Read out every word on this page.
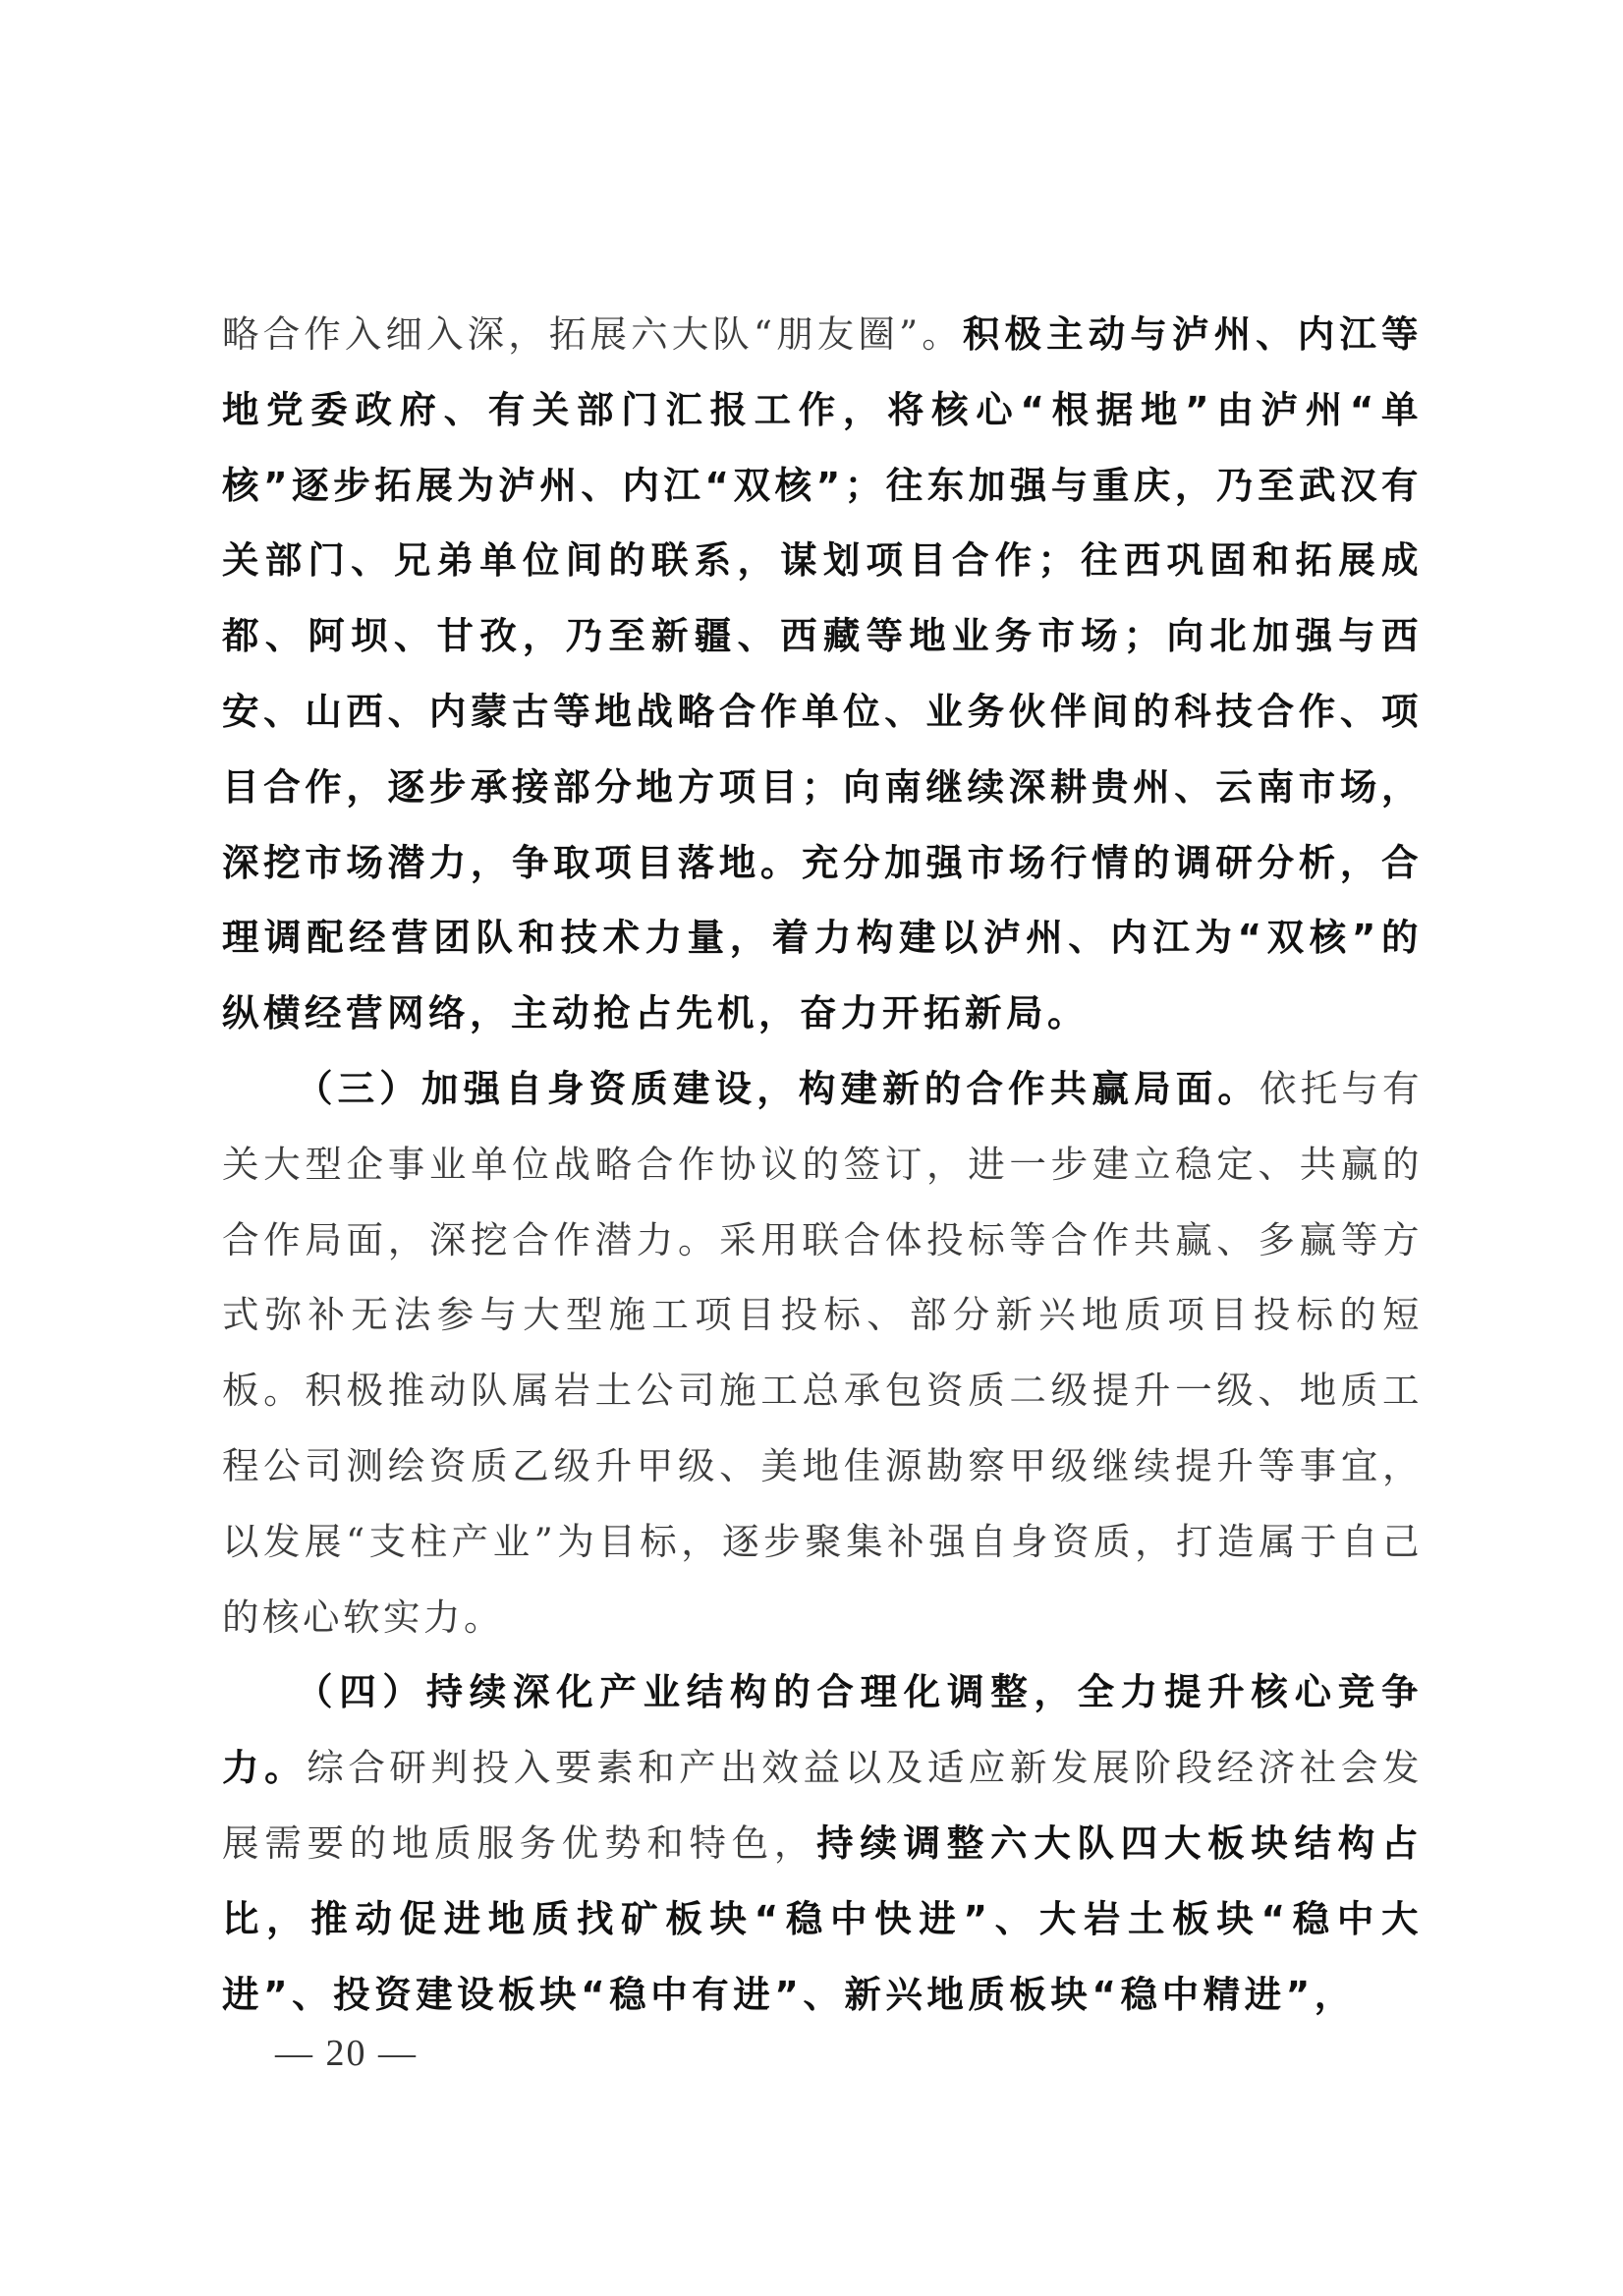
略合作入细入深，拓展六大队“朋友圈”。积极主动与泸州、内江等地党委政府、有关部门汇报工作，将核心“根据地”由泸州“单核”逐步拓展为泸州、内江“双核”；往东加强与重庆，乃至武汉有关部门、兄弟单位间的联系，谋划项目合作；往西巩固和拓展成都、阿坝、甘孜，乃至新疆、西藏等地业务市场；向北加强与西安、山西、内蒙古等地战略合作单位、业务伙伴间的科技合作、项目合作，逐步承接部分地方项目；向南继续深耕贵州、云南市场，深挖市场潜力，争取项目落地。充分加强市场行情的调研分析，合理调配经营团队和技术力量，着力构建以泸州、内江为“双核”的纵横经营网络，主动抢占先机，奋力开拓新局。

（三）加强自身资质建设，构建新的合作共赢局面。依托与有关大型企事业单位战略合作协议的签订，进一步建立稳定、共赢的合作局面，深挖合作潜力。采用联合体投标等合作共赢、多赢等方式弥补无法参与大型施工项目投标、部分新兴地质项目投标的短板。积极推动队属岩土公司施工总承包资质二级提升一级、地质工程公司测绘资质乙级升甲级、美地佳源勘察甲级继续提升等事宜，以发展“支柱产业”为目标，逐步聚集补强自身资质，打造属于自己的核心软实力。

（四）持续深化产业结构的合理化调整，全力提升核心竞争力。综合研判投入要素和产出效益以及适应新发展阶段经济社会发展需要的地质服务优势和特色，持续调整六大队四大板块结构占比，推动促进地质找矿板块“稳中快进”、大岩土板块“稳中大进”、投资建设板块“稳中有进”、新兴地质板块“稳中精进”，

— 20 —
